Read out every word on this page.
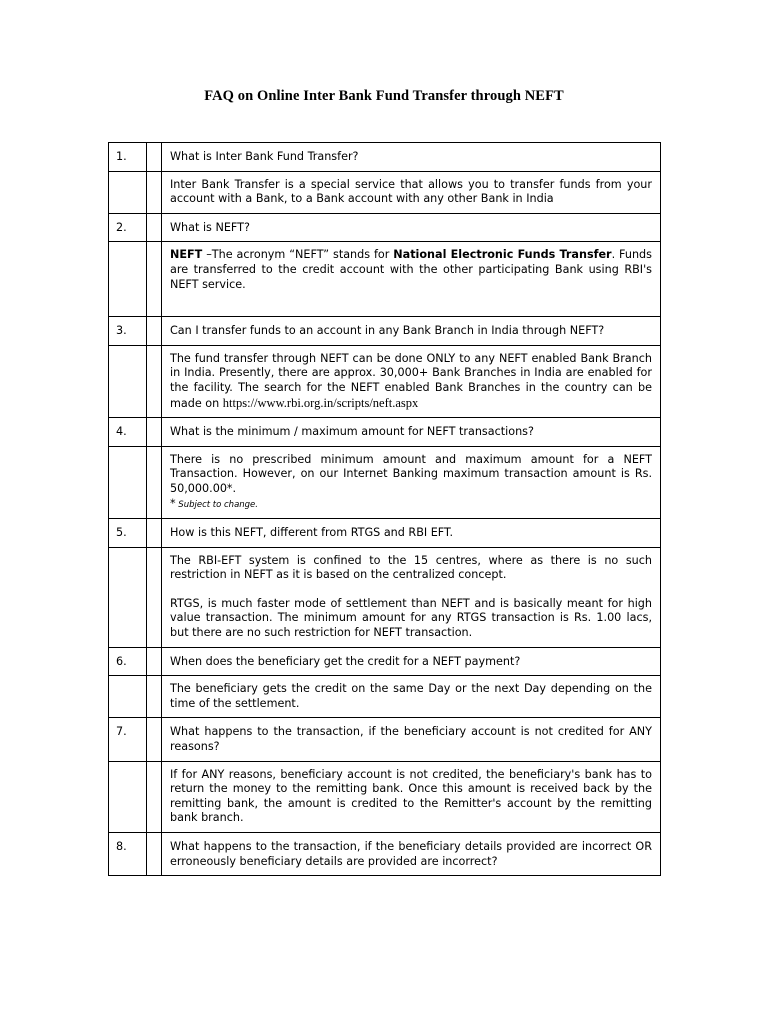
FAQ on Online Inter Bank Fund Transfer through NEFT
1.		What is Inter Bank Fund Transfer?
		Inter Bank Transfer is a special service that allows you to transfer funds from your account with a Bank, to a Bank account with any other Bank in India
2.		What is NEFT?
		NEFT –The acronym “NEFT” stands for National Electronic Funds Transfer. Funds are transferred to the credit account with the other participating Bank using RBI's NEFT service.
3.		Can I transfer funds to an account in any Bank Branch in India through NEFT?
		The fund transfer through NEFT can be done ONLY to any NEFT enabled Bank Branch in India. Presently, there are approx. 30,000+ Bank Branches in India are enabled for the facility. The search for the NEFT enabled Bank Branches in the country can be made on https://www.rbi.org.in/scripts/neft.aspx
4.		What is the minimum / maximum amount for NEFT transactions?

		There is no prescribed minimum amount and maximum amount for a NEFT Transaction. However, on our Internet Banking maximum transaction amount is Rs. 50,000.00*.
* Subject to change.

5.		How is this NEFT, different from RTGS and RBI EFT.

		The RBI-EFT system is confined to the 15 centres, where as there is no such restriction in NEFT as it is based on the centralized concept.
RTGS, is much faster mode of settlement than NEFT and is basically meant for high value transaction. The minimum amount for any RTGS transaction is Rs. 1.00 lacs, but there are no such restriction for NEFT transaction.

6.		When does the beneficiary get the credit for a NEFT payment?
		The beneficiary gets the credit on the same Day or the next Day depending on the time of the settlement.
7.		What happens to the transaction, if the beneficiary account is not credited for ANY reasons?
		If for ANY reasons, beneficiary account is not credited, the beneficiary's bank has to return the money to the remitting bank. Once this amount is received back by the remitting bank, the amount is credited to the Remitter's account by the remitting bank branch.
8.		What happens to the transaction, if the beneficiary details provided are incorrect OR erroneously beneficiary details are provided are incorrect?
